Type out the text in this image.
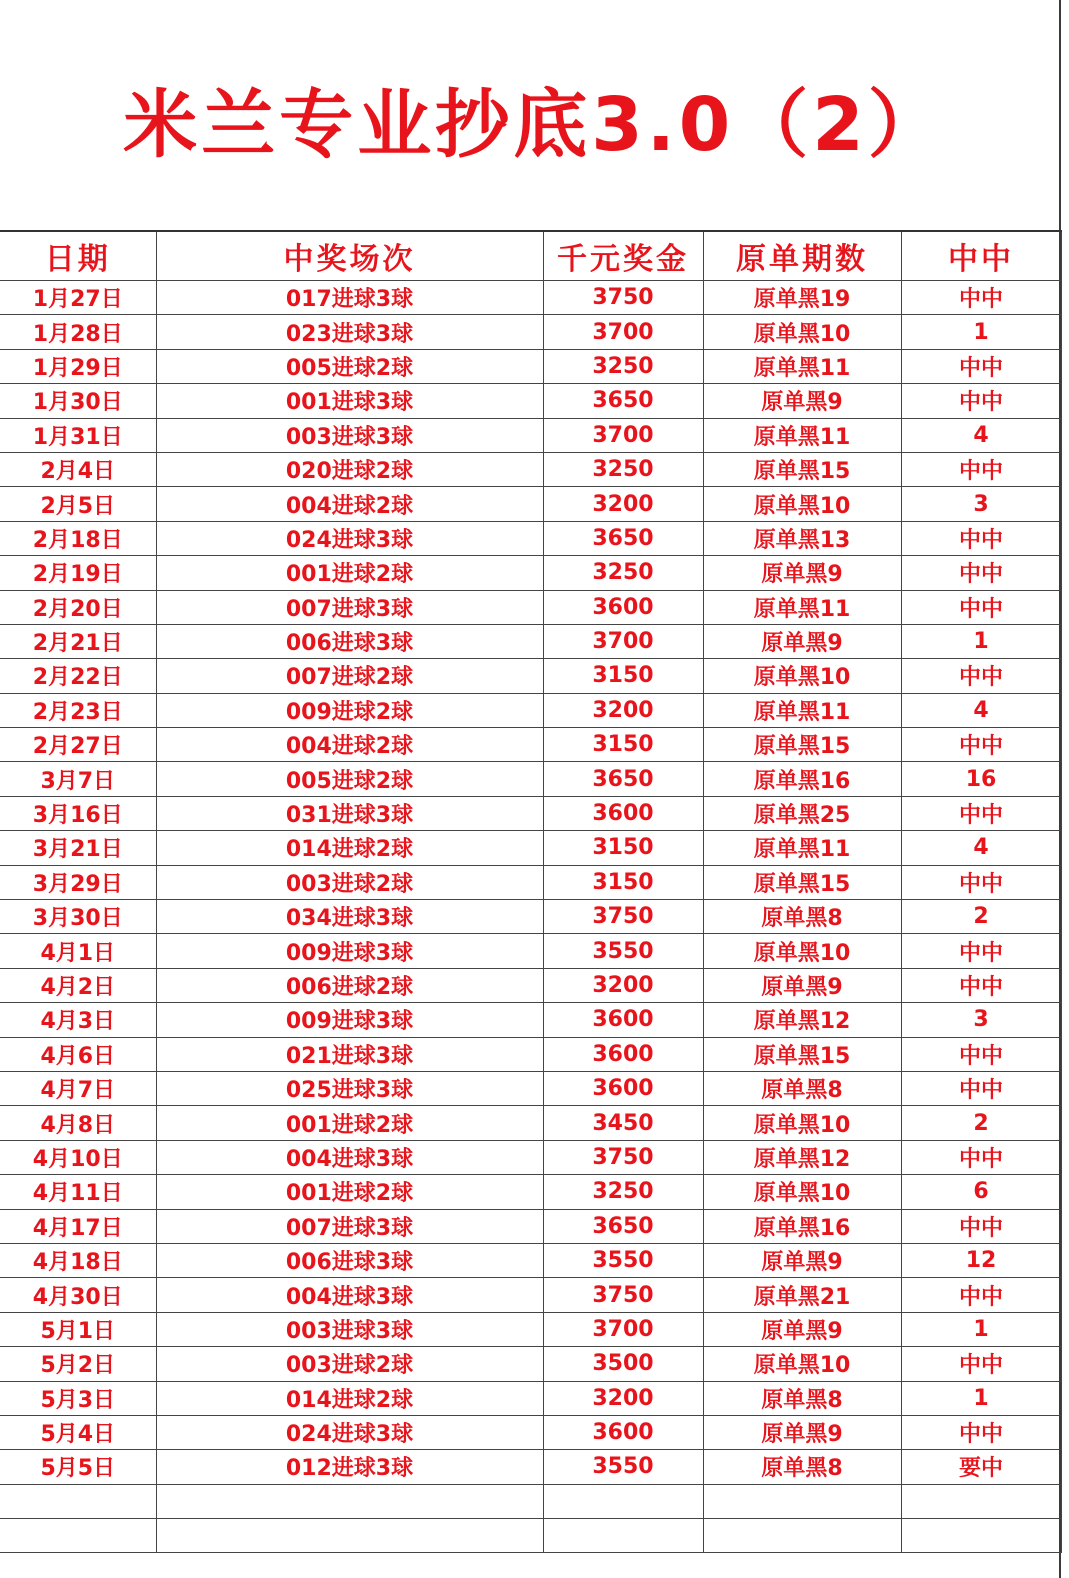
米兰专业抄底3.0（2）
日期	中奖场次	千元奖金	原单期数	中中
1月27日	017进球3球	3750	原单黑19	中中
1月28日	023进球3球	3700	原单黑10	1
1月29日	005进球2球	3250	原单黑11	中中
1月30日	001进球3球	3650	原单黑9	中中
1月31日	003进球3球	3700	原单黑11	4
2月4日	020进球2球	3250	原单黑15	中中
2月5日	004进球2球	3200	原单黑10	3
2月18日	024进球3球	3650	原单黑13	中中
2月19日	001进球2球	3250	原单黑9	中中
2月20日	007进球3球	3600	原单黑11	中中
2月21日	006进球3球	3700	原单黑9	1
2月22日	007进球2球	3150	原单黑10	中中
2月23日	009进球2球	3200	原单黑11	4
2月27日	004进球2球	3150	原单黑15	中中
3月7日	005进球2球	3650	原单黑16	16
3月16日	031进球3球	3600	原单黑25	中中
3月21日	014进球2球	3150	原单黑11	4
3月29日	003进球2球	3150	原单黑15	中中
3月30日	034进球3球	3750	原单黑8	2
4月1日	009进球3球	3550	原单黑10	中中
4月2日	006进球2球	3200	原单黑9	中中
4月3日	009进球3球	3600	原单黑12	3
4月6日	021进球3球	3600	原单黑15	中中
4月7日	025进球3球	3600	原单黑8	中中
4月8日	001进球2球	3450	原单黑10	2
4月10日	004进球3球	3750	原单黑12	中中
4月11日	001进球2球	3250	原单黑10	6
4月17日	007进球3球	3650	原单黑16	中中
4月18日	006进球3球	3550	原单黑9	12
4月30日	004进球3球	3750	原单黑21	中中
5月1日	003进球3球	3700	原单黑9	1
5月2日	003进球2球	3500	原单黑10	中中
5月3日	014进球2球	3200	原单黑8	1
5月4日	024进球3球	3600	原单黑9	中中
5月5日	012进球3球	3550	原单黑8	要中
